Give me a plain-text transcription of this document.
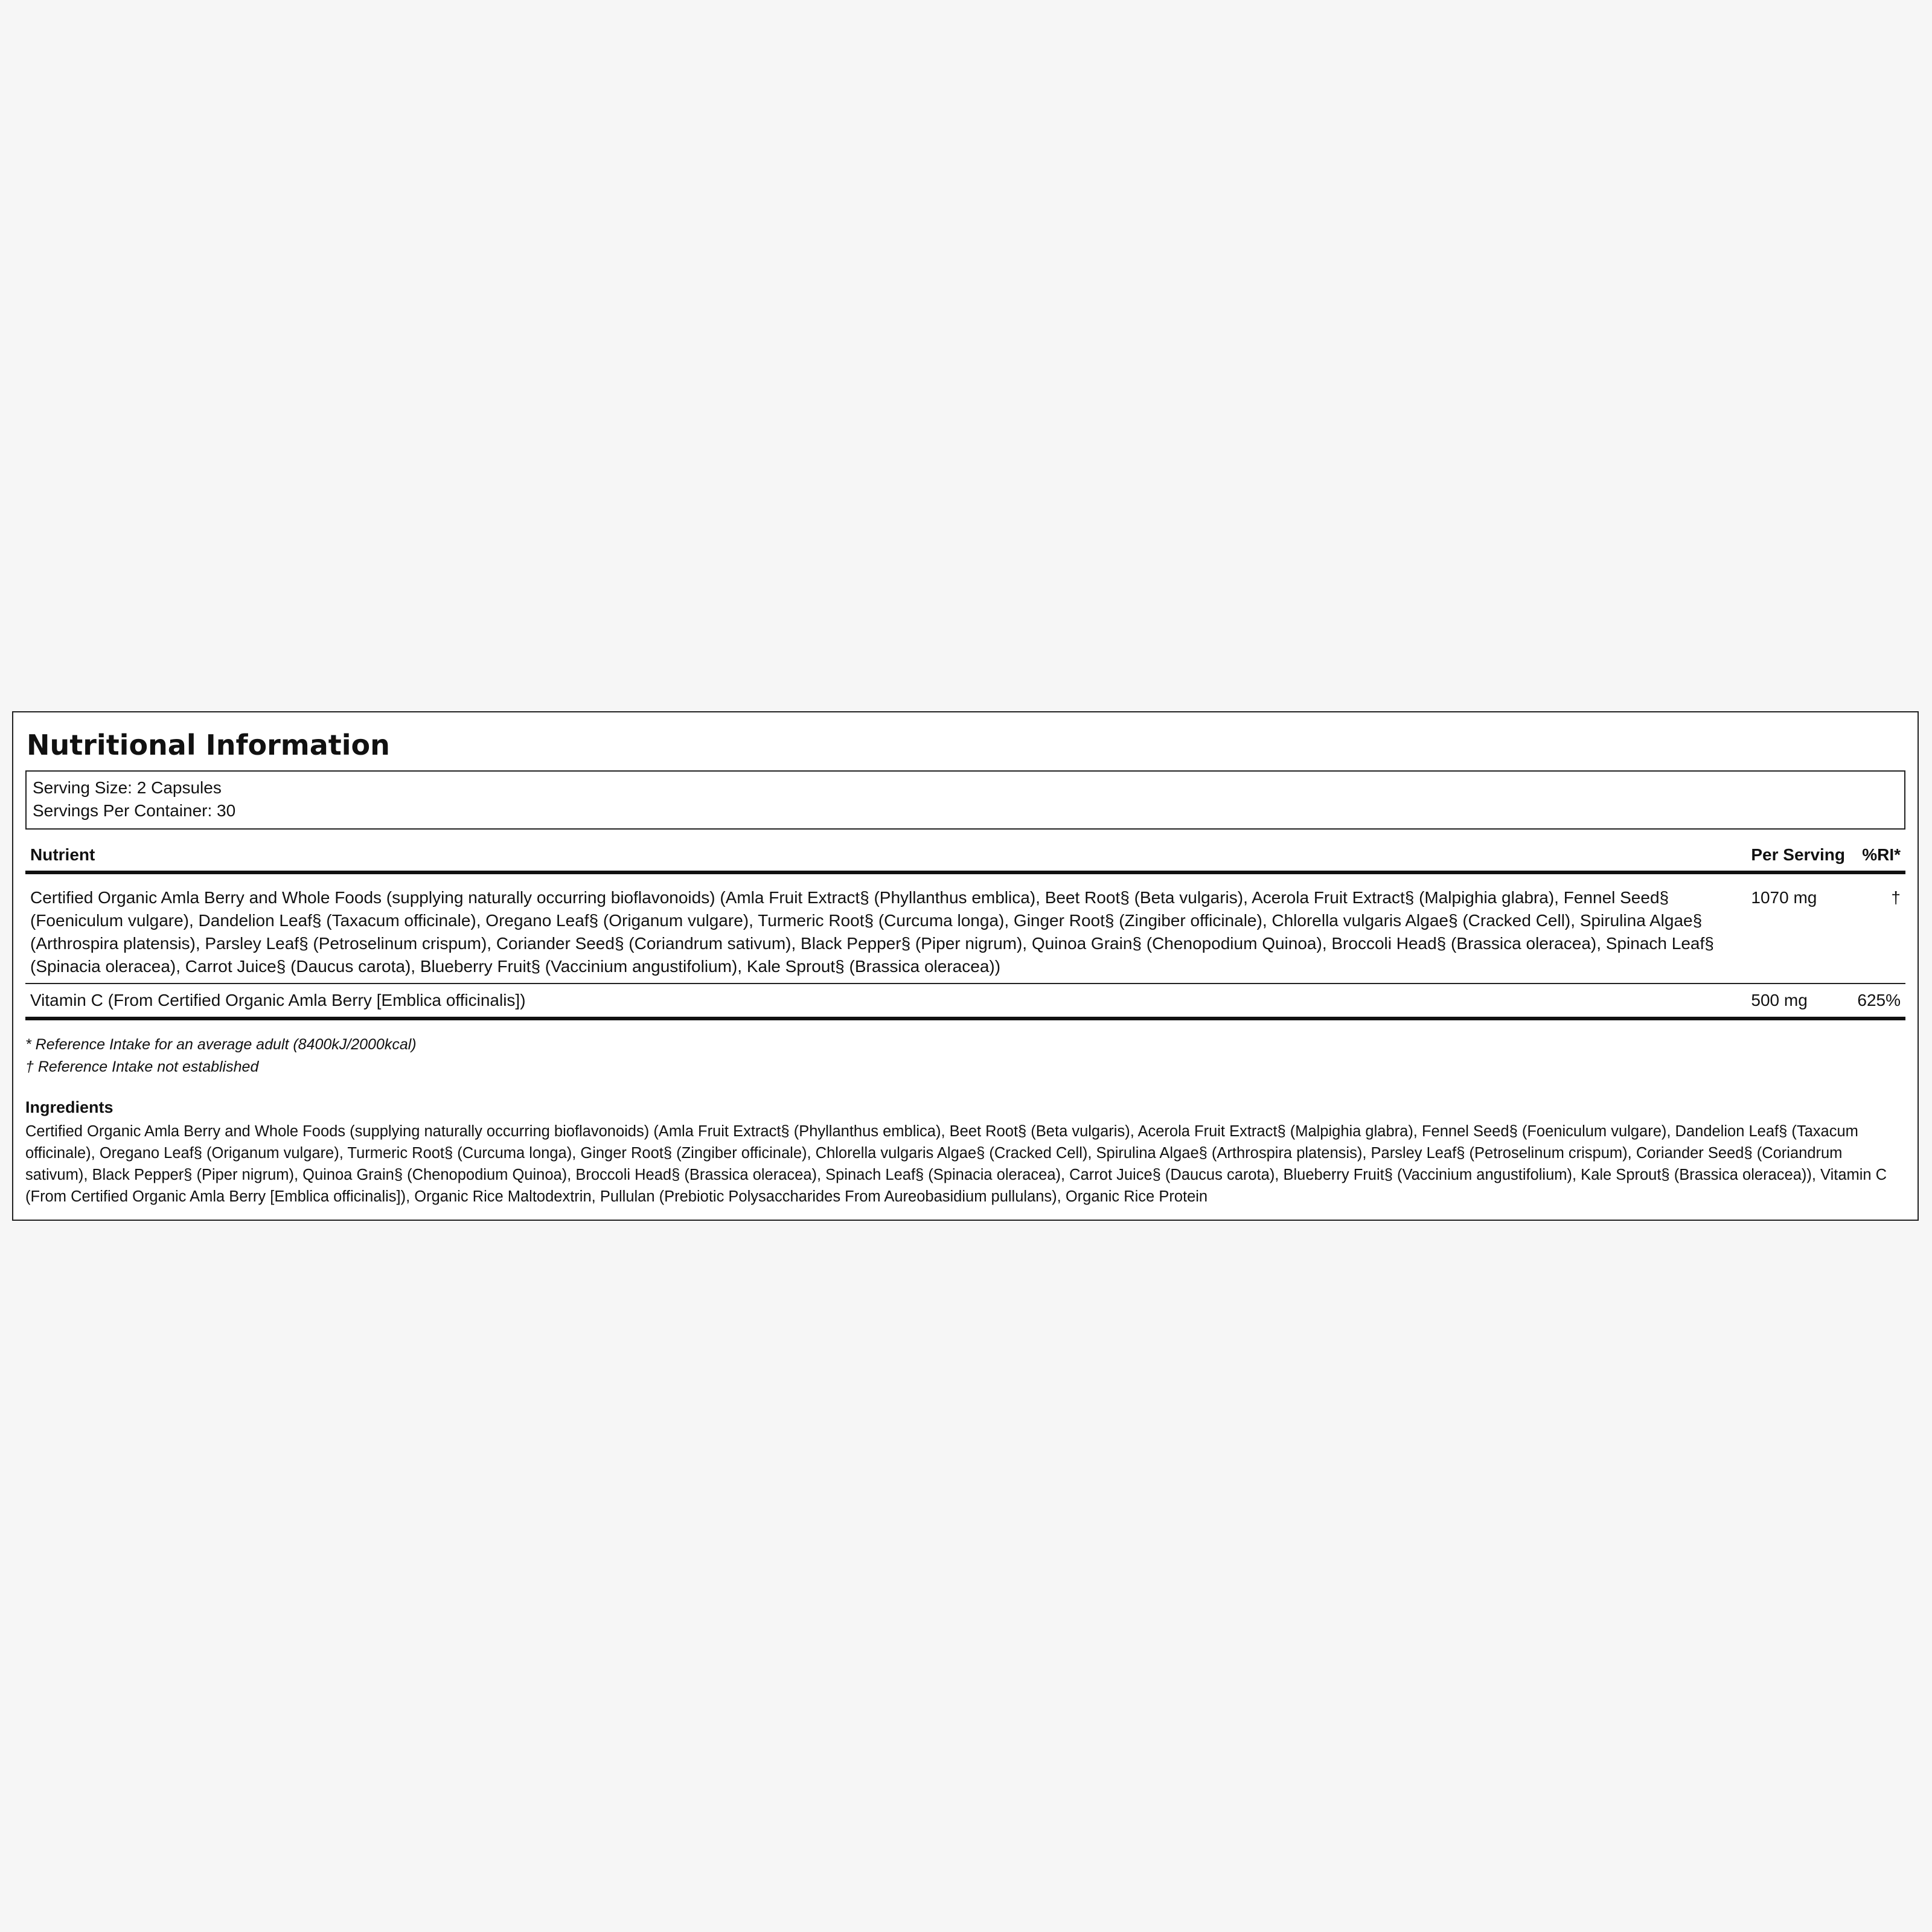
Nutritional Information
Serving Size: 2 Capsules
Servings Per Container: 30
Nutrient	Per Serving	%RI*
Certified Organic Amla Berry and Whole Foods (supplying naturally occurring bioflavonoids) (Amla Fruit Extract§ (Phyllanthus emblica), Beet Root§ (Beta vulgaris), Acerola Fruit Extract§ (Malpighia glabra), Fennel Seed§ (Foeniculum vulgare), Dandelion Leaf§ (Taxacum officinale), Oregano Leaf§ (Origanum vulgare), Turmeric Root§ (Curcuma longa), Ginger Root§ (Zingiber officinale), Chlorella vulgaris Algae§ (Cracked Cell), Spirulina Algae§ (Arthrospira platensis), Parsley Leaf§ (Petroselinum crispum), Coriander Seed§ (Coriandrum sativum), Black Pepper§ (Piper nigrum), Quinoa Grain§ (Chenopodium Quinoa), Broccoli Head§ (Brassica oleracea), Spinach Leaf§ (Spinacia oleracea), Carrot Juice§ (Daucus carota), Blueberry Fruit§ (Vaccinium angustifolium), Kale Sprout§ (Brassica oleracea))	1070 mg	†
Vitamin C (From Certified Organic Amla Berry [Emblica officinalis])	500 mg	625%
* Reference Intake for an average adult (8400kJ/2000kcal)
† Reference Intake not established
Ingredients
Certified Organic Amla Berry and Whole Foods (supplying naturally occurring bioflavonoids) (Amla Fruit Extract§ (Phyllanthus emblica), Beet Root§ (Beta vulgaris), Acerola Fruit Extract§ (Malpighia glabra), Fennel Seed§ (Foeniculum vulgare), Dandelion Leaf§ (Taxacum officinale), Oregano Leaf§ (Origanum vulgare), Turmeric Root§ (Curcuma longa), Ginger Root§ (Zingiber officinale), Chlorella vulgaris Algae§ (Cracked Cell), Spirulina Algae§ (Arthrospira platensis), Parsley Leaf§ (Petroselinum crispum), Coriander Seed§ (Coriandrum sativum), Black Pepper§ (Piper nigrum), Quinoa Grain§ (Chenopodium Quinoa), Broccoli Head§ (Brassica oleracea), Spinach Leaf§ (Spinacia oleracea), Carrot Juice§ (Daucus carota), Blueberry Fruit§ (Vaccinium angustifolium), Kale Sprout§ (Brassica oleracea)), Vitamin C (From Certified Organic Amla Berry [Emblica officinalis]), Organic Rice Maltodextrin, Pullulan (Prebiotic Polysaccharides From Aureobasidium pullulans), Organic Rice Protein
